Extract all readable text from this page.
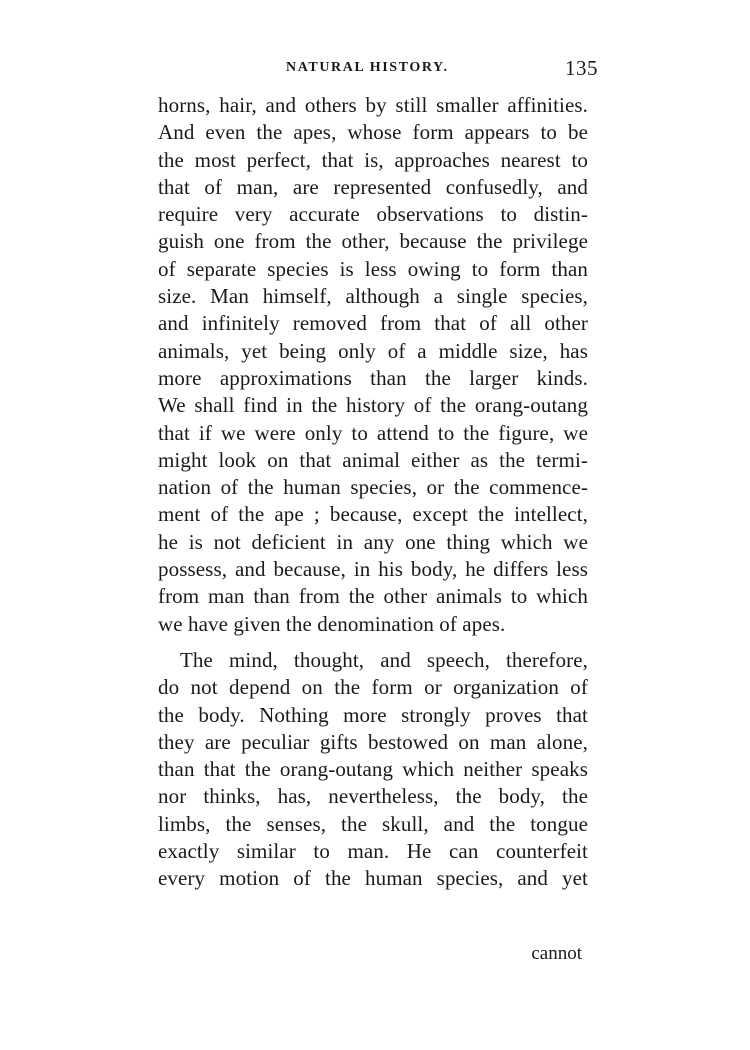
NATURAL HISTORY.	135
horns, hair, and others by still smaller affinities.
And even the apes, whose form appears to be
the most perfect, that is, approaches nearest to
that of man, are represented confusedly, and
require very accurate observations to distin-
guish one from the other, because the privilege
of separate species is less owing to form than
size. Man himself, although a single species,
and infinitely removed from that of all other
animals, yet being only of a middle size, has
more approximations than the larger kinds.
We shall find in the history of the orang-outang
that if we were only to attend to the figure, we
might look on that animal either as the termi-
nation of the human species, or the commence-
ment of the ape ; because, except the intellect,
he is not deficient in any one thing which we
possess, and because, in his body, he differs less
from man than from the other animals to which
we have given the denomination of apes.
The mind, thought, and speech, therefore,
do not depend on the form or organization of
the body. Nothing more strongly proves that
they are peculiar gifts bestowed on man alone,
than that the orang-outang which neither speaks
nor thinks, has, nevertheless, the body, the
limbs, the senses, the skull, and the tongue
exactly similar to man. He can counterfeit
every motion of the human species, and yet
cannot
